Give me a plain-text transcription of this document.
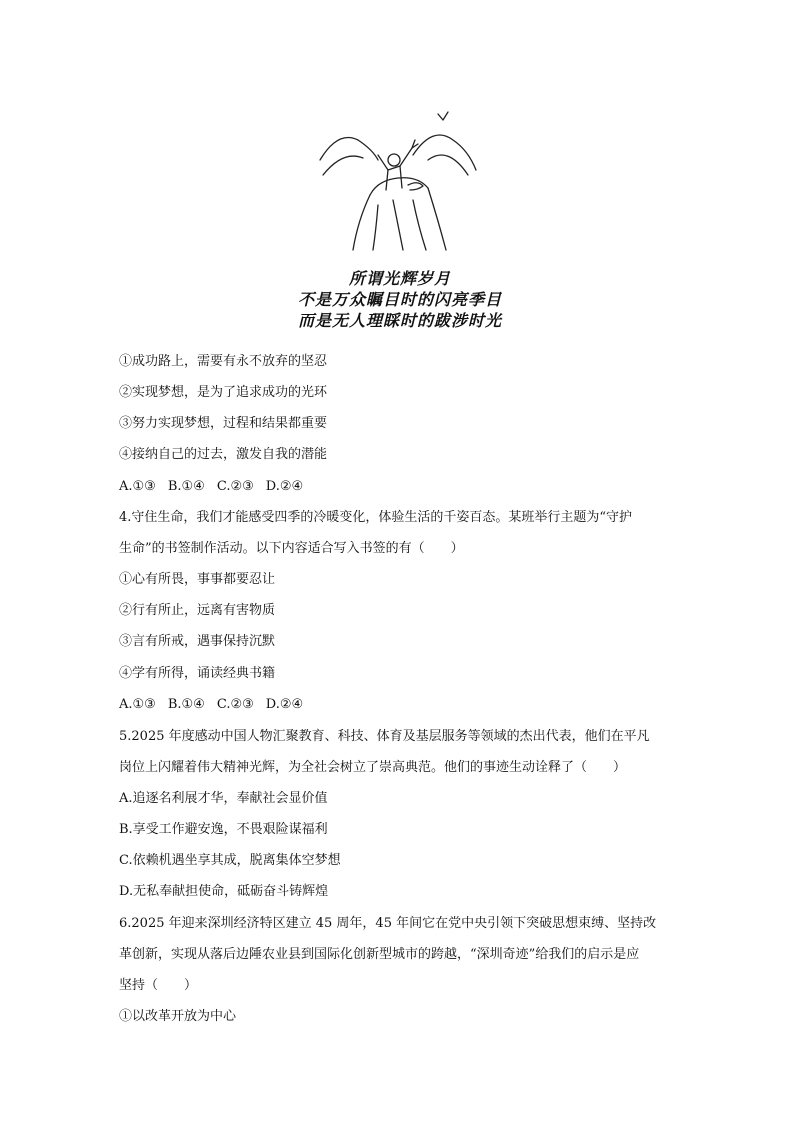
所谓光辉岁月
不是万众瞩目时的闪亮季目
而是无人理睬时的跋涉时光
①成功路上，需要有永不放弃的坚忍
②实现梦想，是为了追求成功的光环
③努力实现梦想，过程和结果都重要
④接纳自己的过去，激发自我的潜能
A.①③ B.①④ C.②③ D.②④
4.守住生命，我们才能感受四季的冷暖变化，体验生活的千姿百态。某班举行主题为“守护
生命”的书签制作活动。以下内容适合写入书签的有（　　）
①心有所畏，事事都要忍让
②行有所止，远离有害物质
③言有所戒，遇事保持沉默
④学有所得，诵读经典书籍
A.①③ B.①④ C.②③ D.②④
5.2025 年度感动中国人物汇聚教育、科技、体育及基层服务等领域的杰出代表，他们在平凡
岗位上闪耀着伟大精神光辉，为全社会树立了崇高典范。他们的事迹生动诠释了（　　）
A.追逐名利展才华，奉献社会显价值
B.享受工作避安逸，不畏艰险谋福利
C.依赖机遇坐享其成，脱离集体空梦想
D.无私奉献担使命，砥砺奋斗铸辉煌
6.2025 年迎来深圳经济特区建立 45 周年，45 年间它在党中央引领下突破思想束缚、坚持改
革创新，实现从落后边陲农业县到国际化创新型城市的跨越，“深圳奇迹”给我们的启示是应
坚持（　　）
①以改革开放为中心
